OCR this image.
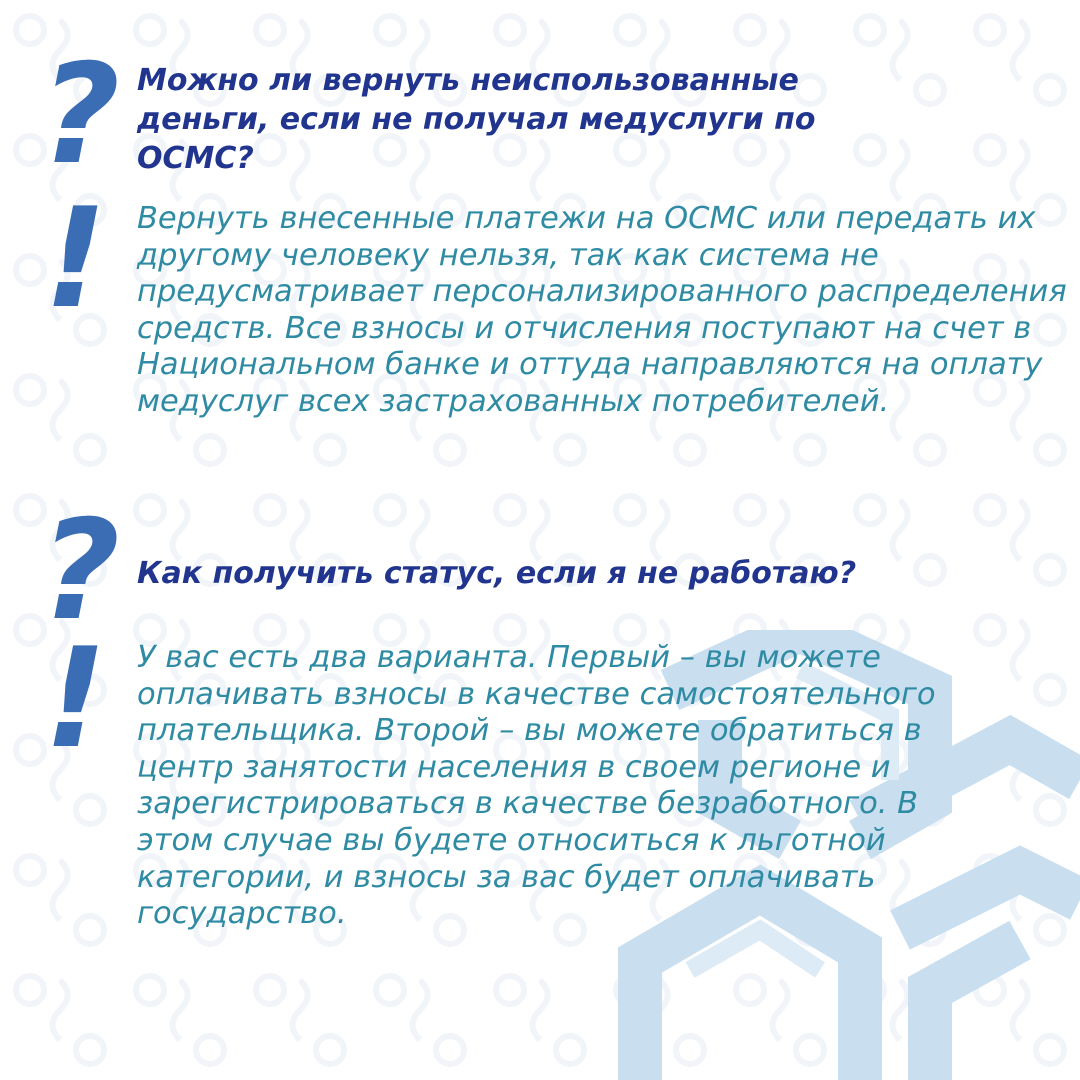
? Можно ли вернуть неиспользованные деньги, если не получал медуслуги по ОСМС?

! Вернуть внесенные платежи на ОСМС или передать их другому человеку нельзя, так как система не предусматривает персонализированного распределения средств. Все взносы и отчисления поступают на счет в Национальном банке и оттуда направляются на оплату медуслуг всех застрахованных потребителей.

? Как получить статус, если я не работаю?

! У вас есть два варианта. Первый – вы можете оплачивать взносы в качестве самостоятельного плательщика. Второй – вы можете обратиться в центр занятости населения в своем регионе и зарегистрироваться в качестве безработного. В этом случае вы будете относиться к льготной категории, и взносы за вас будет оплачивать государство.
